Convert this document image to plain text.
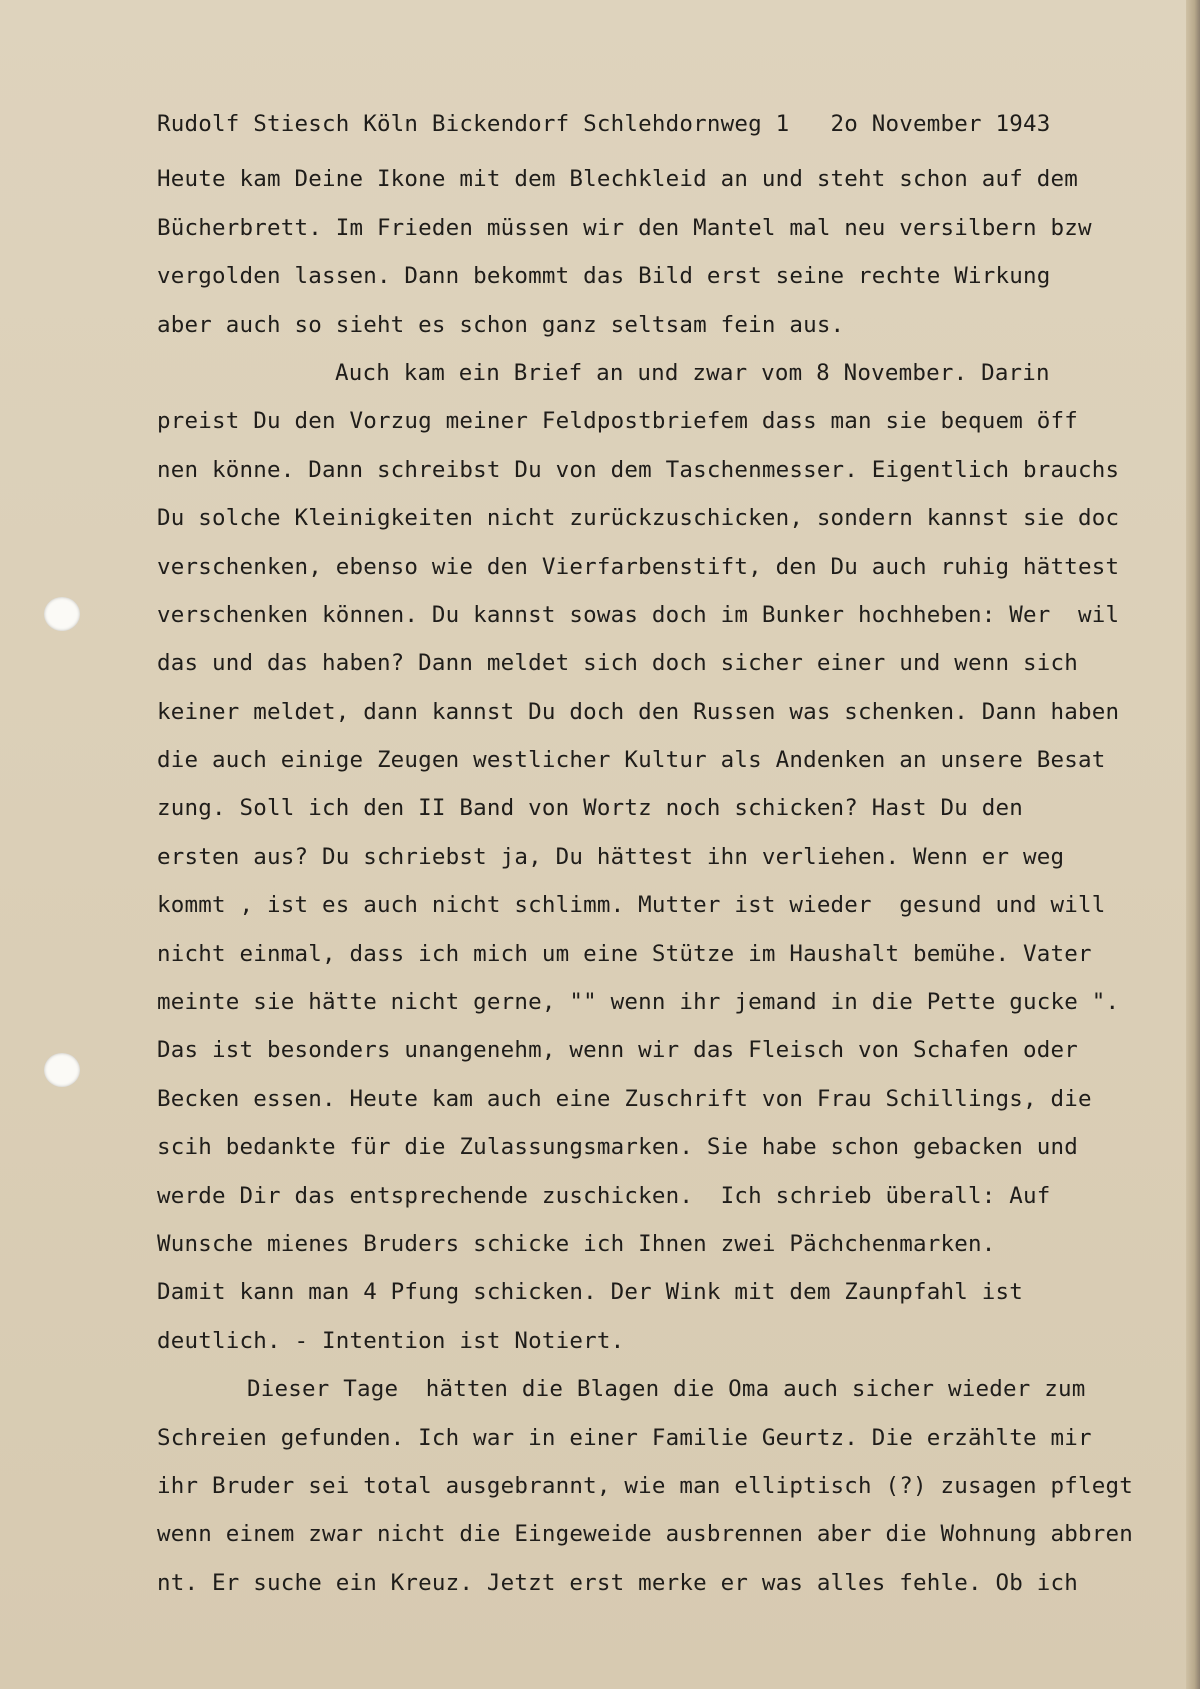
Rudolf Stiesch Köln Bickendorf Schlehdornweg 1   2o November 1943
Heute kam Deine Ikone mit dem Blechkleid an und steht schon auf dem
Bücherbrett. Im Frieden müssen wir den Mantel mal neu versilbern bzw
vergolden lassen. Dann bekommt das Bild erst seine rechte Wirkung
aber auch so sieht es schon ganz seltsam fein aus.
Auch kam ein Brief an und zwar vom 8 November. Darin
preist Du den Vorzug meiner Feldpostbriefem dass man sie bequem öff
nen könne. Dann schreibst Du von dem Taschenmesser. Eigentlich brauchs
Du solche Kleinigkeiten nicht zurückzuschicken, sondern kannst sie doc
verschenken, ebenso wie den Vierfarbenstift, den Du auch ruhig hättest
verschenken können. Du kannst sowas doch im Bunker hochheben: Wer  wil
das und das haben? Dann meldet sich doch sicher einer und wenn sich
keiner meldet, dann kannst Du doch den Russen was schenken. Dann haben
die auch einige Zeugen westlicher Kultur als Andenken an unsere Besat
zung. Soll ich den II Band von Wortz noch schicken? Hast Du den
ersten aus? Du schriebst ja, Du hättest ihn verliehen. Wenn er weg
kommt , ist es auch nicht schlimm. Mutter ist wieder  gesund und will
nicht einmal, dass ich mich um eine Stütze im Haushalt bemühe. Vater
meinte sie hätte nicht gerne, "" wenn ihr jemand in die Pette gucke ".
Das ist besonders unangenehm, wenn wir das Fleisch von Schafen oder
Becken essen. Heute kam auch eine Zuschrift von Frau Schillings, die
scih bedankte für die Zulassungsmarken. Sie habe schon gebacken und
werde Dir das entsprechende zuschicken.  Ich schrieb überall: Auf
Wunsche mienes Bruders schicke ich Ihnen zwei Pächchenmarken.
Damit kann man 4 Pfung schicken. Der Wink mit dem Zaunpfahl ist
deutlich. - Intention ist Notiert.
Dieser Tage  hätten die Blagen die Oma auch sicher wieder zum
Schreien gefunden. Ich war in einer Familie Geurtz. Die erzählte mir
ihr Bruder sei total ausgebrannt, wie man elliptisch (?) zusagen pflegt
wenn einem zwar nicht die Eingeweide ausbrennen aber die Wohnung abbren
nt. Er suche ein Kreuz. Jetzt erst merke er was alles fehle. Ob ich
